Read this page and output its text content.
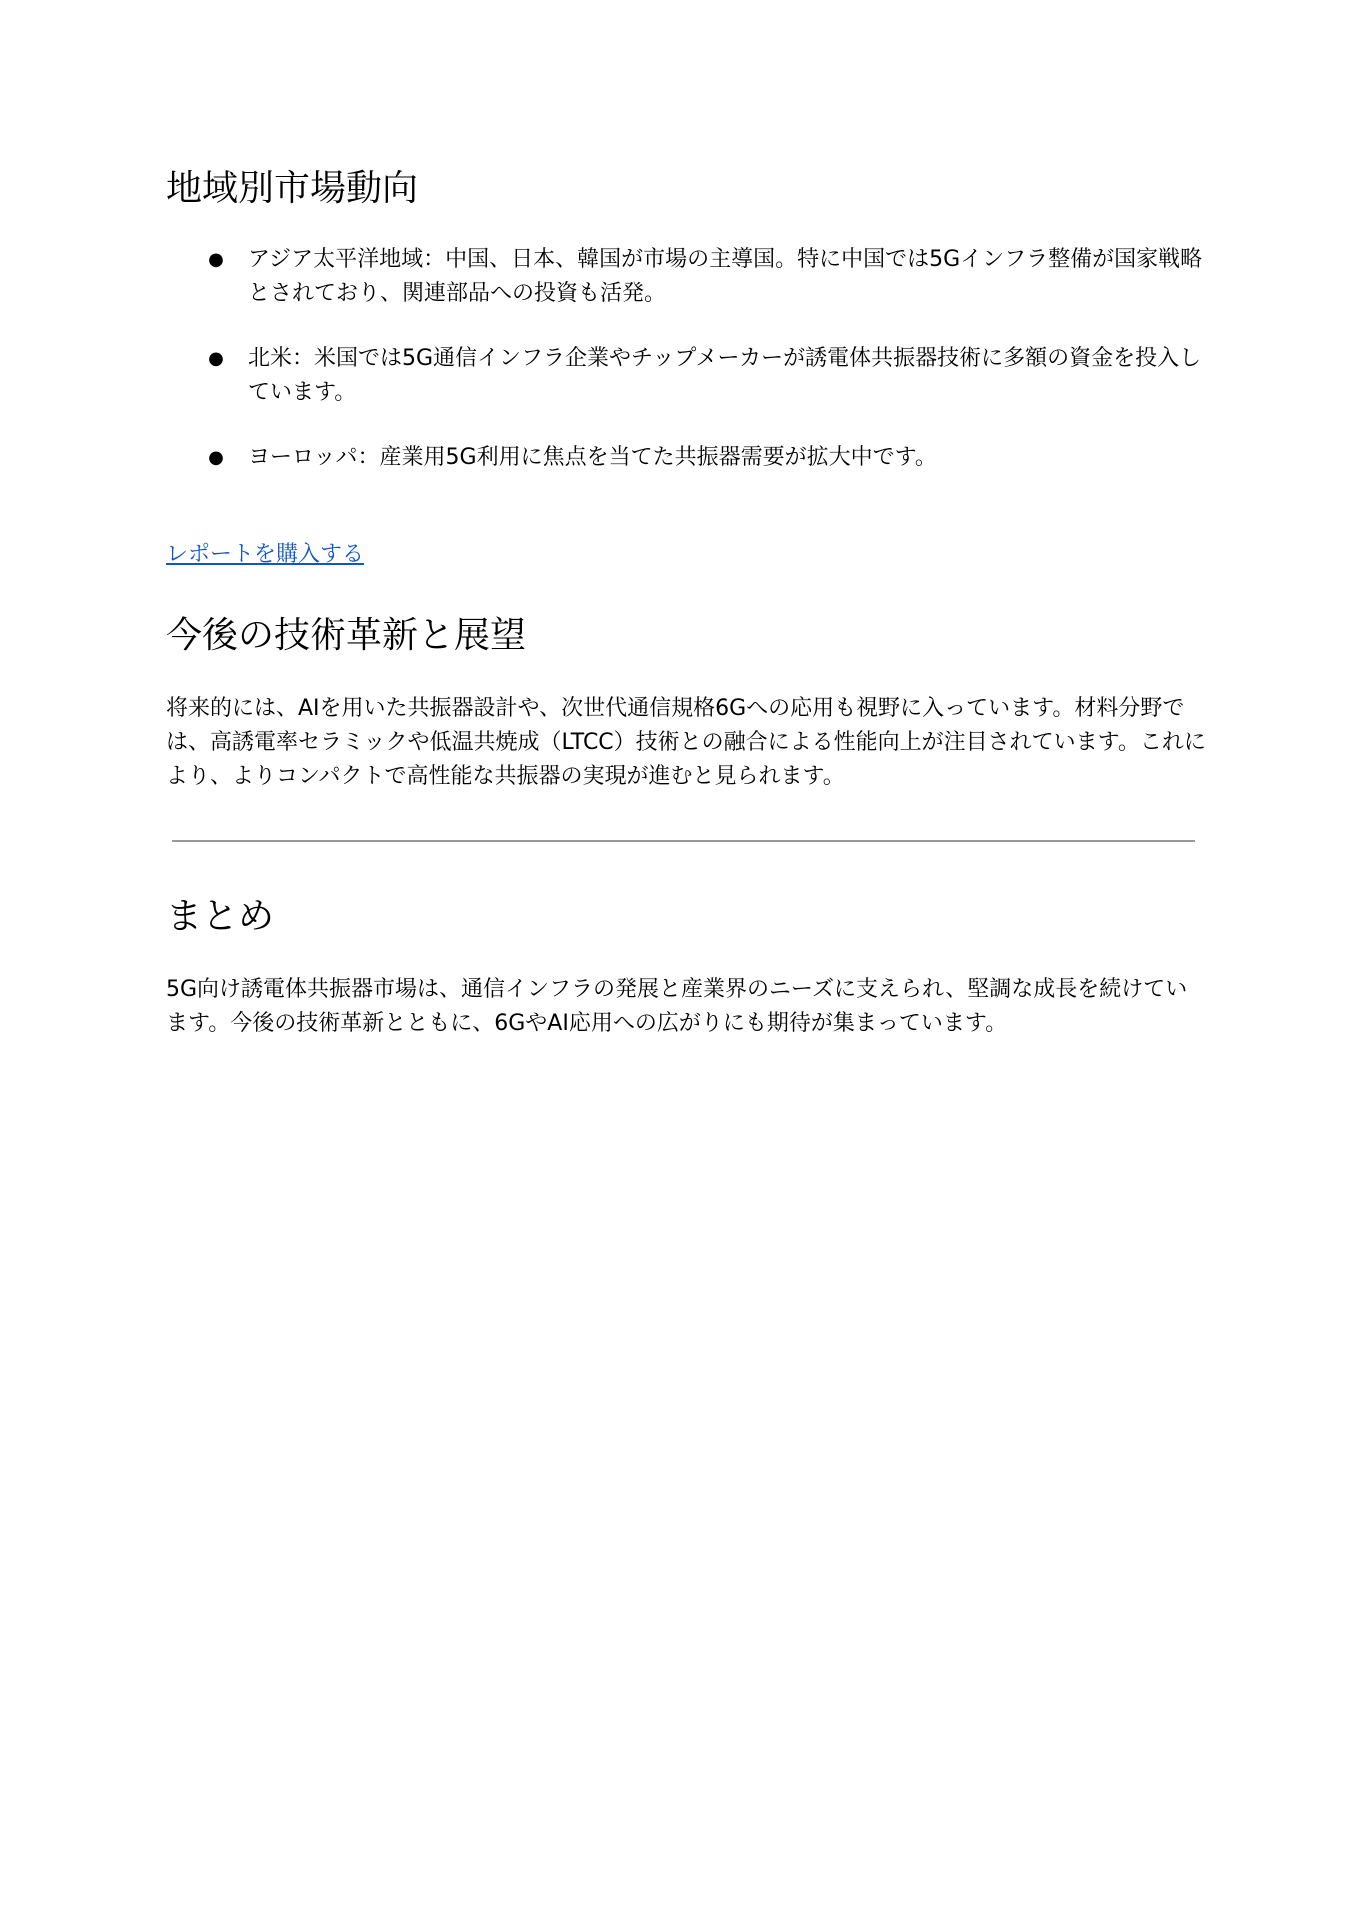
地域別市場動向
● アジア太平洋地域：中国、日本、韓国が市場の主導国。特に中国では5Gインフラ整備が国家戦略とされており、関連部品への投資も活発。
● 北米：米国では5G通信インフラ企業やチップメーカーが誘電体共振器技術に多額の資金を投入しています。
● ヨーロッパ：産業用5G利用に焦点を当てた共振器需要が拡大中です。
レポートを購入する
今後の技術革新と展望

将来的には、AIを用いた共振器設計や、次世代通信規格6Gへの応用も視野に入っています。材料分野では、高誘電率セラミックや低温共焼成（LTCC）技術との融合による性能向上が注目されています。これにより、よりコンパクトで高性能な共振器の実現が進むと見られます。

まとめ

5G向け誘電体共振器市場は、通信インフラの発展と産業界のニーズに支えられ、堅調な成長を続けています。今後の技術革新とともに、6GやAI応用への広がりにも期待が集まっています。
